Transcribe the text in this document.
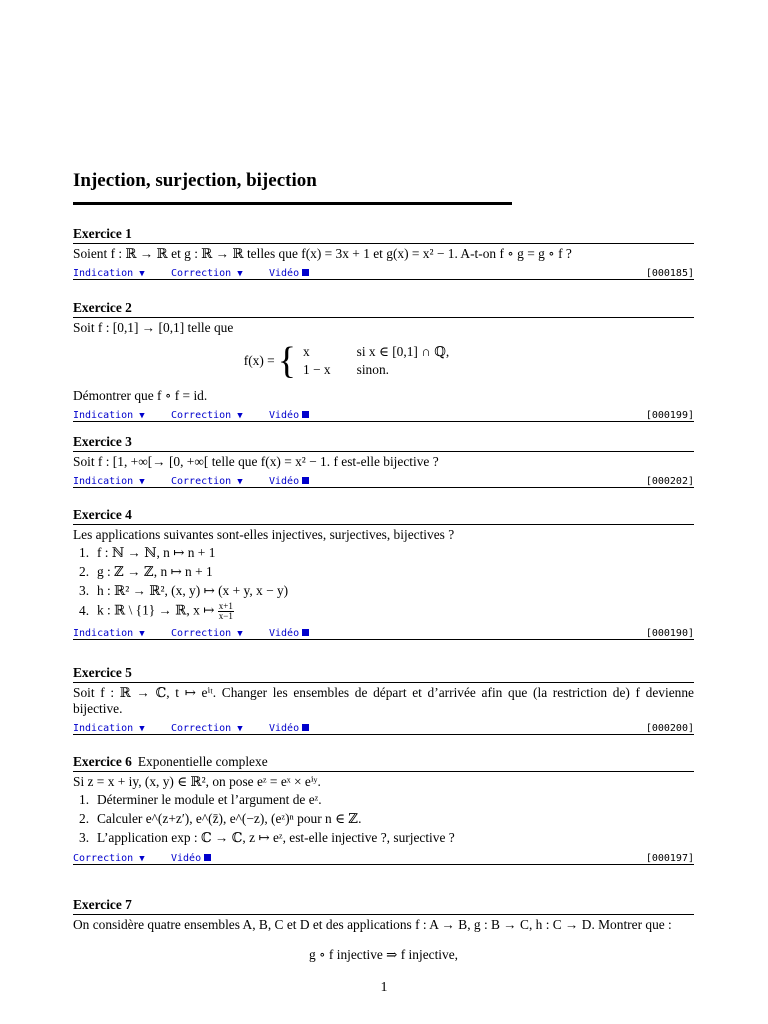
Injection, surjection, bijection
Exercice 1

Soient f : ℝ → ℝ et g : ℝ → ℝ telles que f(x) = 3x + 1 et g(x) = x² − 1. A-t-on f ∘ g = g ∘ f ?

Indication ▼	Correction ▼	Vidéo	[000185]
Exercice 2

Soit f : [0,1] → [0,1] telle que

f(x) = { x	si x ∈ [0,1] ∩ ℚ,
1 − x	sinon.

Démontrer que f ∘ f = id.

Indication ▼	Correction ▼	Vidéo	[000199]
Exercice 3

Soit f : [1, +∞[→ [0, +∞[ telle que f(x) = x² − 1. f est-elle bijective ?

Indication ▼	Correction ▼	Vidéo	[000202]
Exercice 4

Les applications suivantes sont-elles injectives, surjectives, bijectives ?

1. f : ℕ → ℕ, n ↦ n + 1
2. g : ℤ → ℤ, n ↦ n + 1
3. h : ℝ² → ℝ², (x, y) ↦ (x + y, x − y)
4. k : ℝ \ {1} → ℝ, x ↦ $\frac{x+1}{x-1}$
Indication ▼	Correction ▼	Vidéo	[000190]
Exercice 5

Soit f : ℝ → ℂ, t ↦ eⁱᵗ. Changer les ensembles de départ et d’arrivée afin que (la restriction de) f devienne bijective.

Indication ▼	Correction ▼	Vidéo	[000200]
Exercice 6 Exponentielle complexe

Si z = x + iy, (x, y) ∈ ℝ², on pose eᶻ = eˣ × eⁱʸ.

1. Déterminer le module et l’argument de eᶻ.
2. Calculer e^(z+z′), e^(z̄), e^(−z), (eᶻ)ⁿ pour n ∈ ℤ.
3. L’application exp : ℂ → ℂ, z ↦ eᶻ, est-elle injective ?, surjective ?
Correction ▼	Vidéo	[000197]
Exercice 7

On considère quatre ensembles A, B, C et D et des applications f : A → B, g : B → C, h : C → D. Montrer que :

g ∘ f injective ⇒ f injective,

1
